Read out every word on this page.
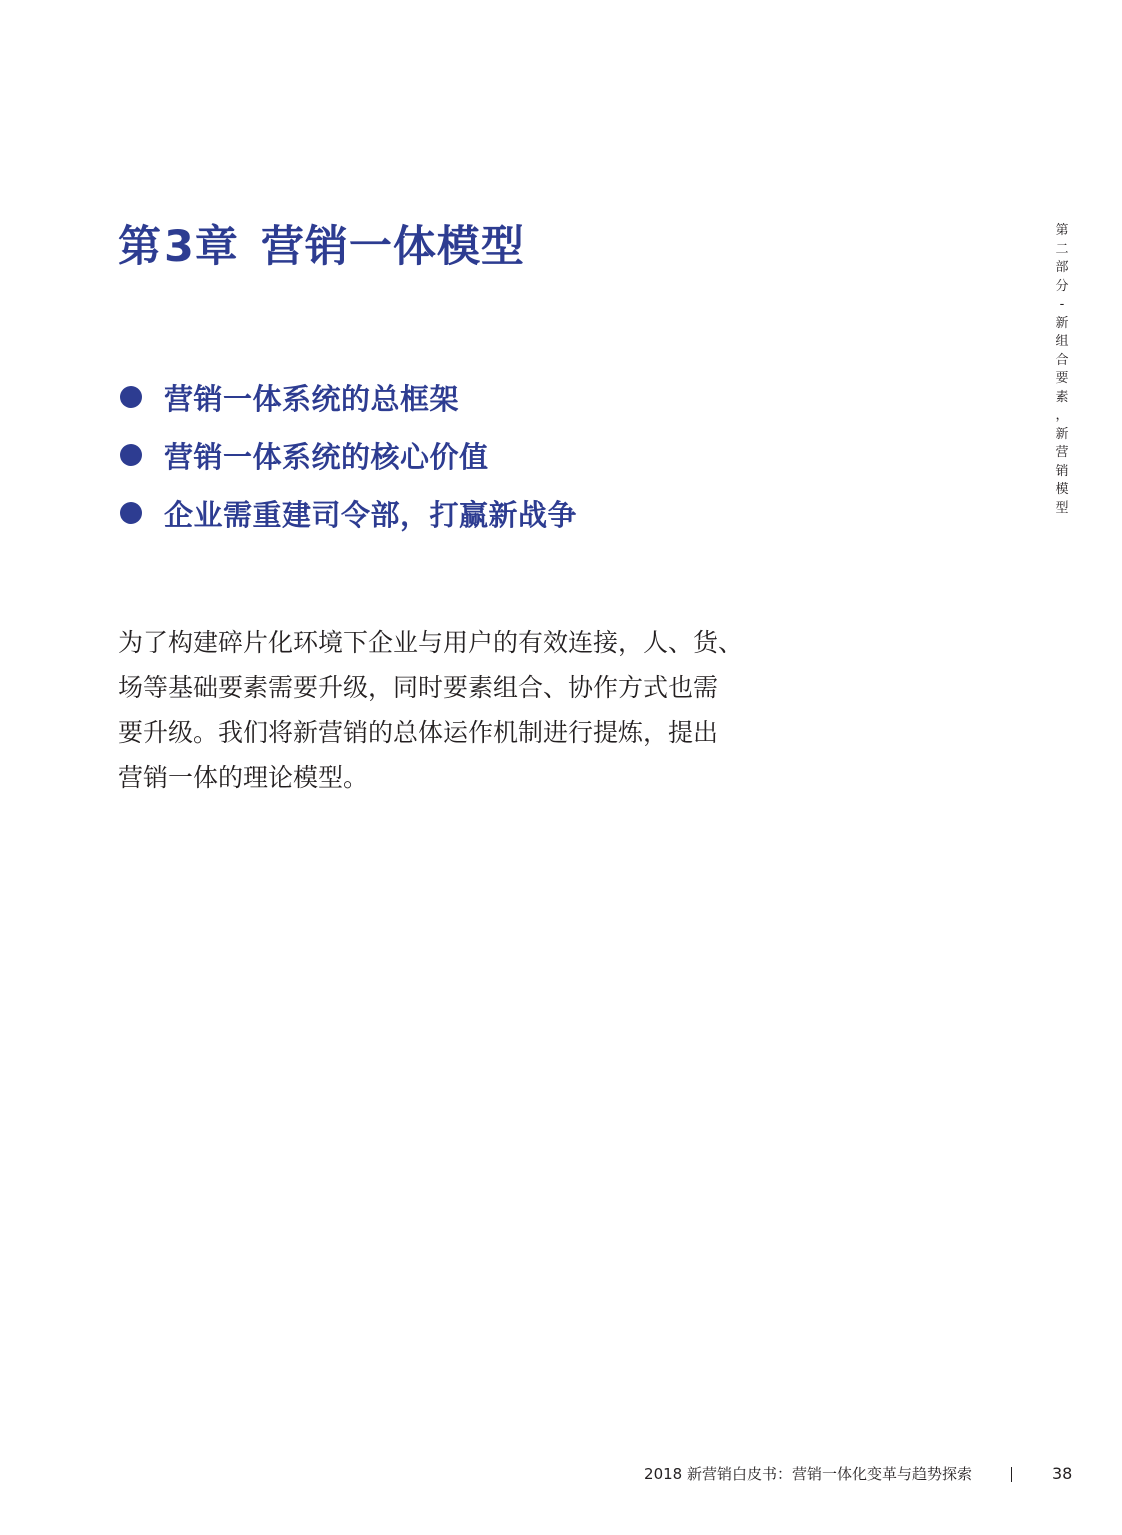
第3章 营销一体模型
营销一体系统的总框架
营销一体系统的核心价值
企业需重建司令部，打赢新战争
为了构建碎片化环境下企业与用户的有效连接，人、货、
场等基础要素需要升级，同时要素组合、协作方式也需
要升级。我们将新营销的总体运作机制进行提炼，提出
营销一体的理论模型。
第
二
部
分
-
新
组
合
要
素
，
新
营
销
模
型
2018 新营销白皮书：营销一体化变革与趋势探索	38
